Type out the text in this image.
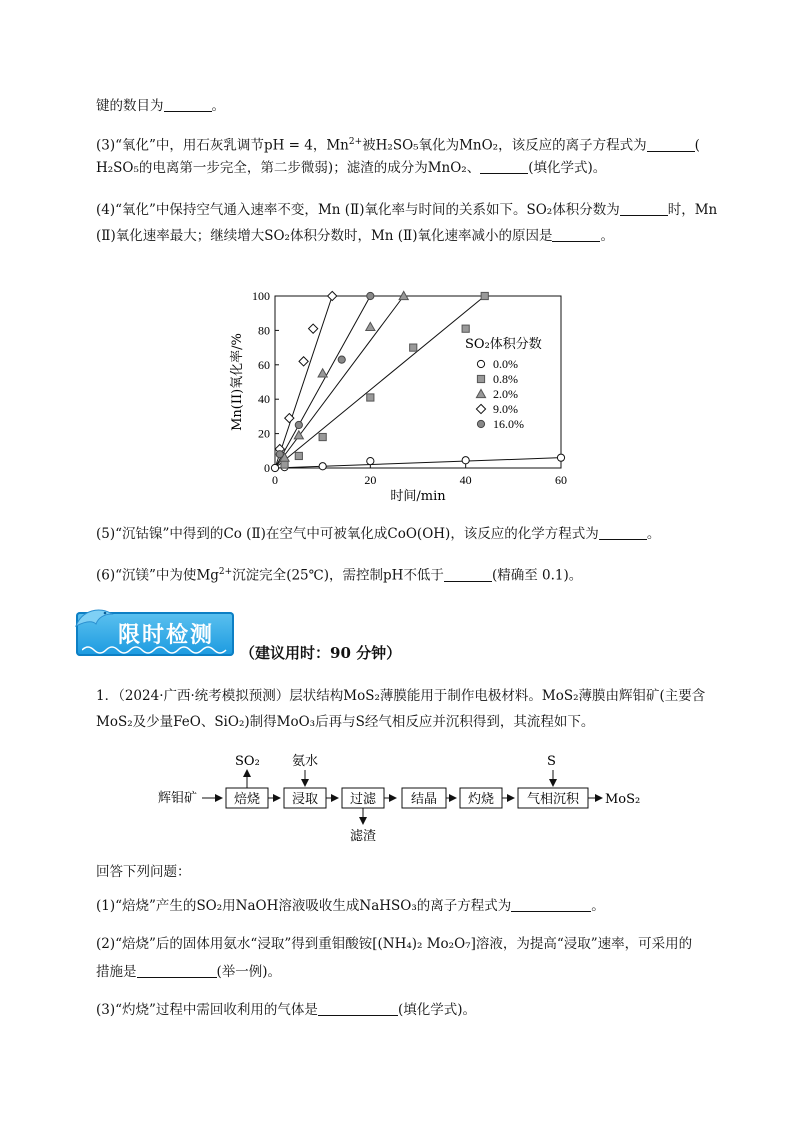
键的数目为	。
(3)“氧化”中，用石灰乳调节pH = 4，$Mn^{2+}$被H₂SO₅氧化为MnO₂，该反应的离子方程式为	(
H₂SO₅的电离第一步完全，第二步微弱)；滤渣的成分为MnO₂、	(填化学式)。
(4)“氧化”中保持空气通入速率不变，Mn (Ⅱ)氧化率与时间的关系如下。SO₂体积分数为	时，Mn
(Ⅱ)氧化速率最大；继续增大SO₂体积分数时，Mn (Ⅱ)氧化速率减小的原因是	。
0
20
40
60
80
100
0	20	40	60
时间/min
Mn(II)氧化率/%	SO₂体积分数
0.0%
0.8%
2.0%
9.0%
16.0%
(5)“沉钴镍”中得到的Co (Ⅱ)在空气中可被氧化成CoO(OH)，该反应的化学方程式为	。
(6)“沉镁”中为使$Mg^{2+}$沉淀完全(25℃)，需控制pH不低于	(精确至 0.1)。
限时检测
（建议用时：90 分钟）
1．（2024·广西·统考模拟预测）层状结构MoS₂薄膜能用于制作电极材料。MoS₂薄膜由辉钼矿(主要含
MoS₂及少量FeO、SiO₂)制得MoO₃后再与S经气相反应并沉积得到，其流程如下。
辉钼矿	焙烧
SO₂
浸取
氨水
过滤
滤渣
结晶 灼烧	气相沉积
S
MoS₂
回答下列问题：
(1)“焙烧”产生的SO₂用NaOH溶液吸收生成NaHSO₃的离子方程式为	。
(2)“焙烧”后的固体用氨水“浸取”得到重钼酸铵[(NH₄)₂ Mo₂O₇]溶液，为提高“浸取”速率，可采用的
措施是	(举一例)。
(3)“灼烧”过程中需回收利用的气体是	(填化学式)。
